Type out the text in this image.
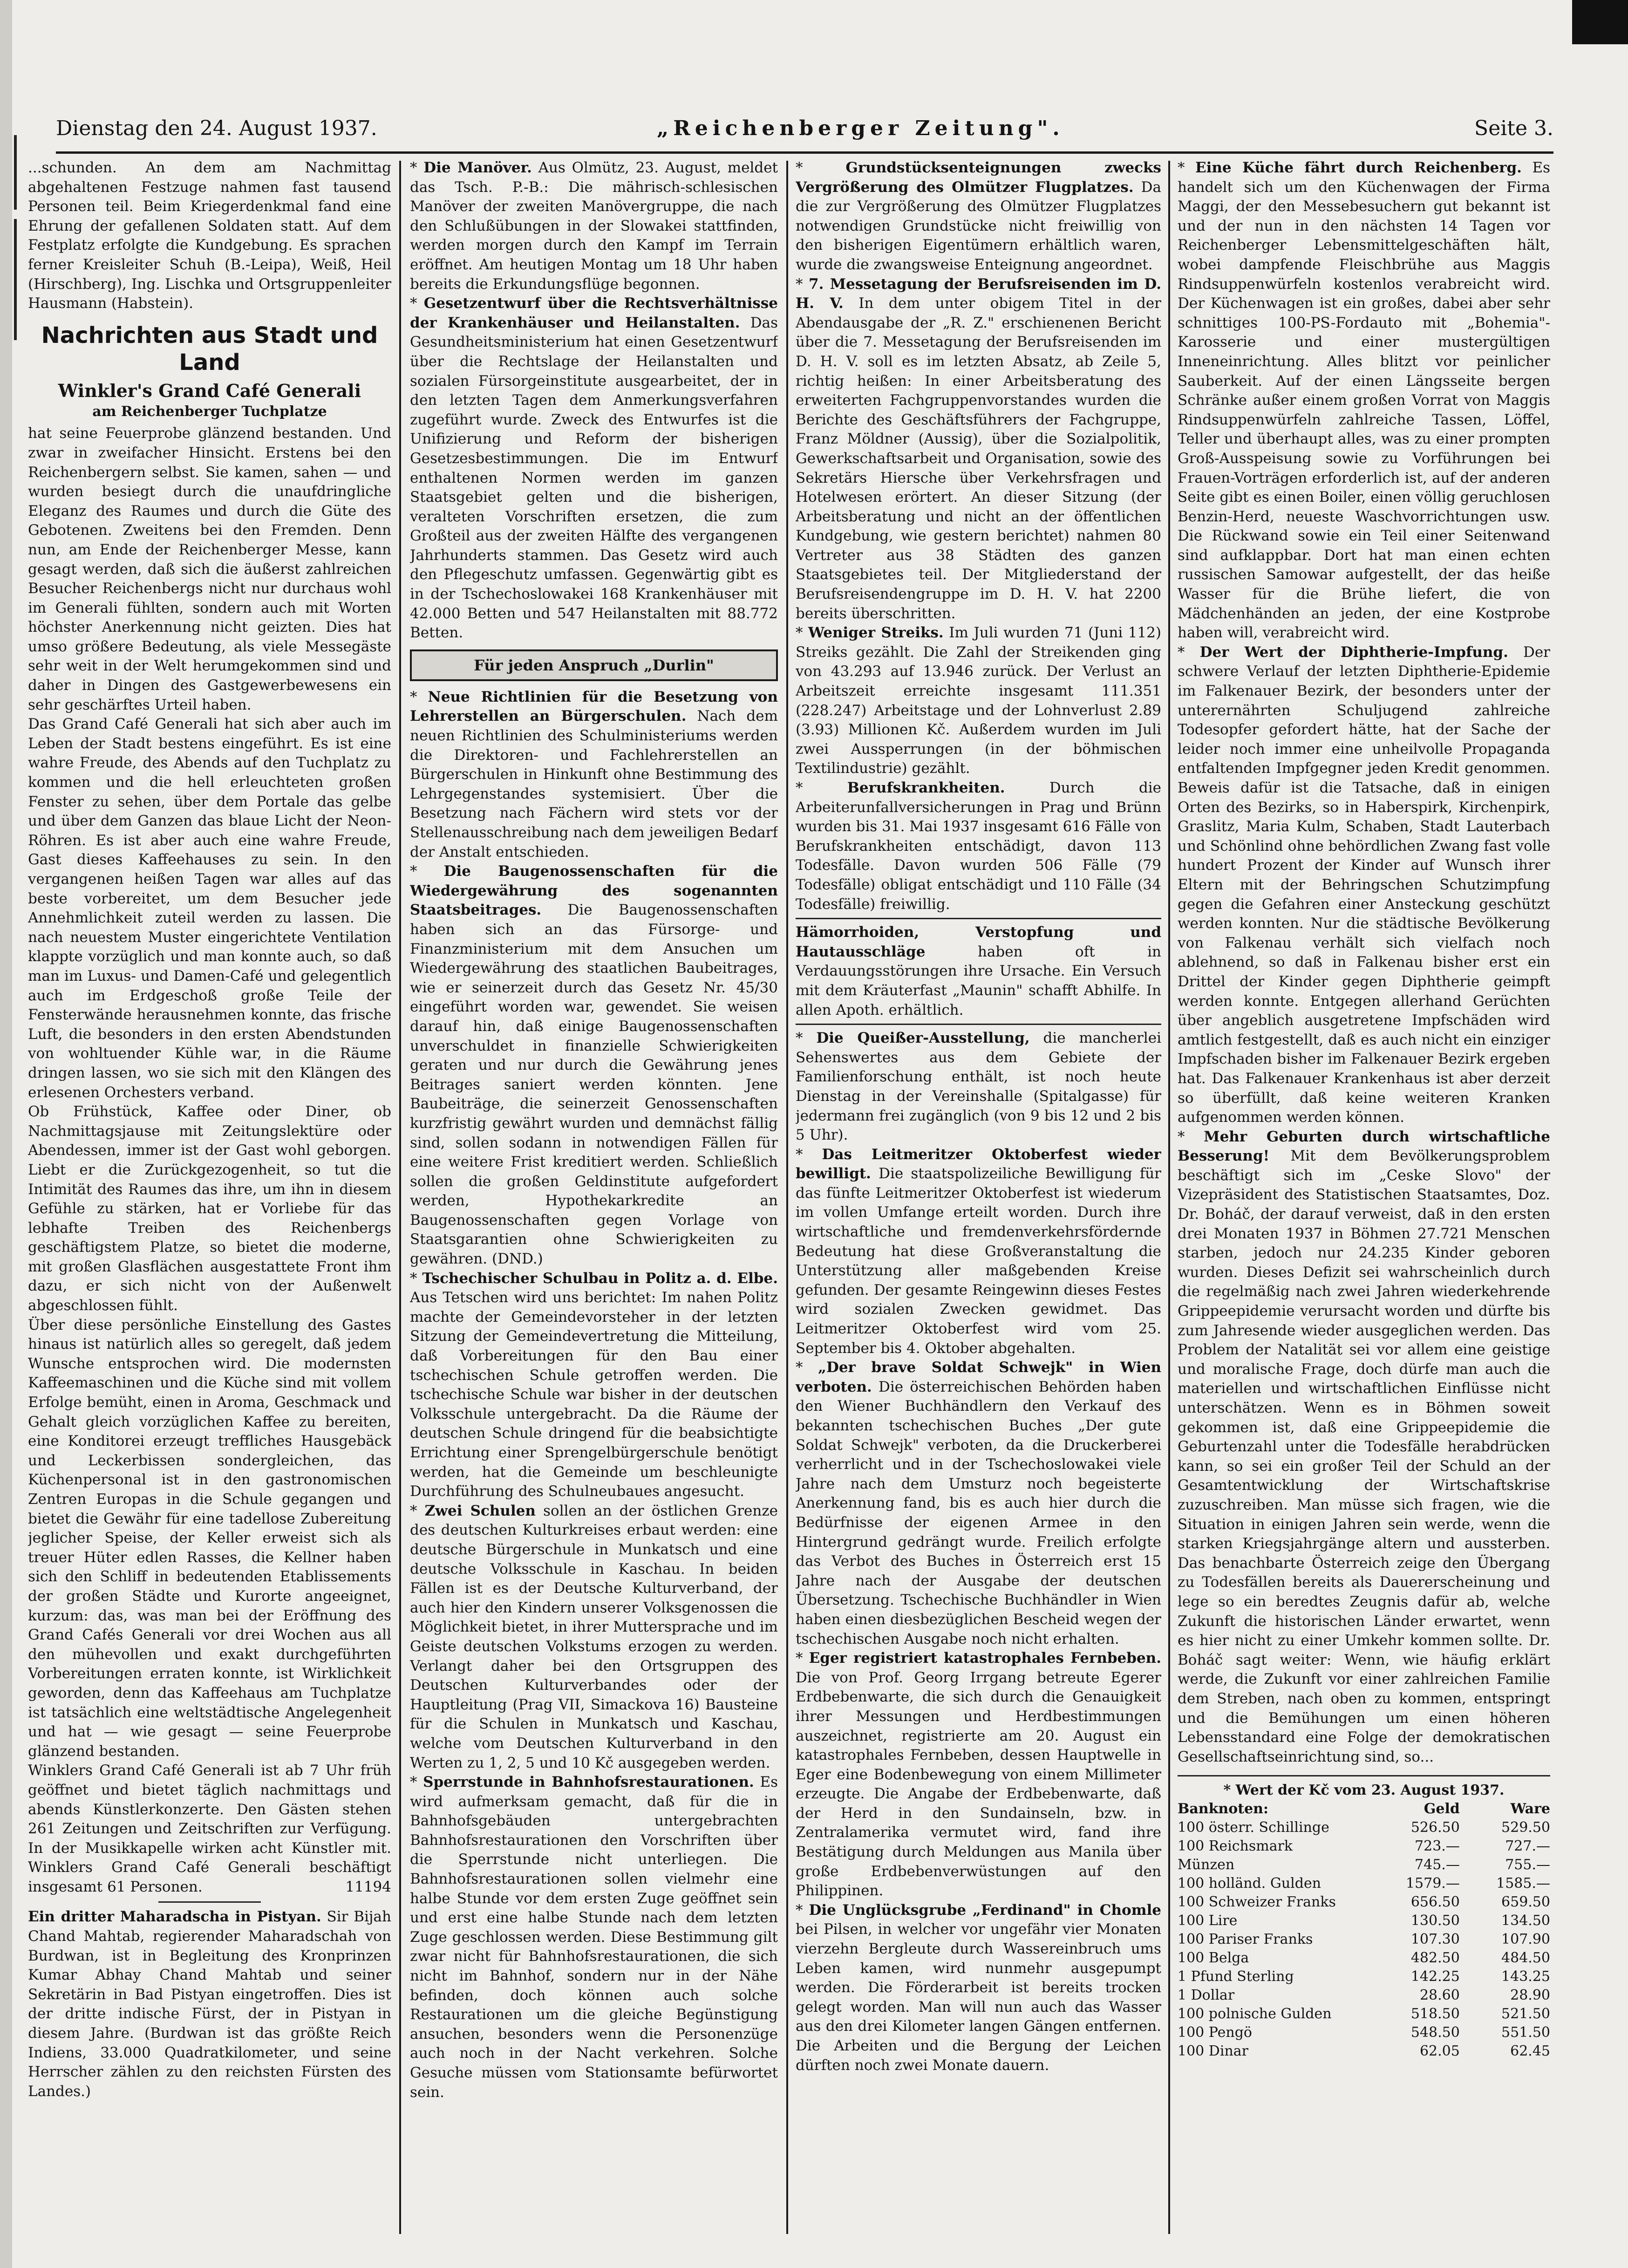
Dienstag den 24. August 1937.	„Reichenberger Zeitung".	Seite 3.

...schunden. An dem am Nachmittag abgehaltenen Festzuge nahmen fast tausend Personen teil. Beim Kriegerdenkmal fand eine Ehrung der gefallenen Soldaten statt. Auf dem Festplatz erfolgte die Kundgebung. Es sprachen ferner Kreisleiter Schuh (B.-Leipa), Weiß, Heil (Hirschberg), Ing. Lischka und Ortsgruppenleiter Hausmann (Habstein).

Nachrichten aus Stadt und Land
Winkler's Grand Café Generali
am Reichenberger Tuchplatze

hat seine Feuerprobe glänzend bestanden. Und zwar in zweifacher Hinsicht. Erstens bei den Reichenbergern selbst. Sie kamen, sahen — und wurden besiegt durch die unaufdringliche Eleganz des Raumes und durch die Güte des Gebotenen. Zweitens bei den Fremden. Denn nun, am Ende der Reichenberger Messe, kann gesagt werden, daß sich die äußerst zahlreichen Besucher Reichenbergs nicht nur durchaus wohl im Generali fühlten, sondern auch mit Worten höchster Anerkennung nicht geizten. Dies hat umso größere Bedeutung, als viele Messegäste sehr weit in der Welt herumgekommen sind und daher in Dingen des Gastgewerbewesens ein sehr geschärftes Urteil haben.

Das Grand Café Generali hat sich aber auch im Leben der Stadt bestens eingeführt. Es ist eine wahre Freude, des Abends auf den Tuchplatz zu kommen und die hell erleuchteten großen Fenster zu sehen, über dem Portale das gelbe und über dem Ganzen das blaue Licht der Neon-Röhren. Es ist aber auch eine wahre Freude, Gast dieses Kaffeehauses zu sein. In den vergangenen heißen Tagen war alles auf das beste vorbereitet, um dem Besucher jede Annehmlichkeit zuteil werden zu lassen. Die nach neuestem Muster eingerichtete Ventilation klappte vorzüglich und man konnte auch, so daß man im Luxus- und Damen-Café und gelegentlich auch im Erdgeschoß große Teile der Fensterwände herausnehmen konnte, das frische Luft, die besonders in den ersten Abendstunden von wohltuender Kühle war, in die Räume dringen lassen, wo sie sich mit den Klängen des erlesenen Orchesters verband.

Ob Frühstück, Kaffee oder Diner, ob Nachmittagsjause mit Zeitungslektüre oder Abendessen, immer ist der Gast wohl geborgen. Liebt er die Zurückgezogenheit, so tut die Intimität des Raumes das ihre, um ihn in diesem Gefühle zu stärken, hat er Vorliebe für das lebhafte Treiben des Reichenbergs geschäftigstem Platze, so bietet die moderne, mit großen Glasflächen ausgestattete Front ihm dazu, er sich nicht von der Außenwelt abgeschlossen fühlt.

Über diese persönliche Einstellung des Gastes hinaus ist natürlich alles so geregelt, daß jedem Wunsche entsprochen wird. Die modernsten Kaffeemaschinen und die Küche sind mit vollem Erfolge bemüht, einen in Aroma, Geschmack und Gehalt gleich vorzüglichen Kaffee zu bereiten, eine Konditorei erzeugt treffliches Hausgebäck und Leckerbissen sondergleichen, das Küchenpersonal ist in den gastronomischen Zentren Europas in die Schule gegangen und bietet die Gewähr für eine tadellose Zubereitung jeglicher Speise, der Keller erweist sich als treuer Hüter edlen Rasses, die Kellner haben sich den Schliff in bedeutenden Etablissements der großen Städte und Kurorte angeeignet, kurzum: das, was man bei der Eröffnung des Grand Cafés Generali vor drei Wochen aus all den mühevollen und exakt durchgeführten Vorbereitungen erraten konnte, ist Wirklichkeit geworden, denn das Kaffeehaus am Tuchplatze ist tatsächlich eine weltstädtische Angelegenheit und hat — wie gesagt — seine Feuerprobe glänzend bestanden.

Winklers Grand Café Generali ist ab 7 Uhr früh geöffnet und bietet täglich nachmittags und abends Künstlerkonzerte. Den Gästen stehen 261 Zeitungen und Zeitschriften zur Verfügung. In der Musikkapelle wirken acht Künstler mit. Winklers Grand Café Generali beschäftigt insgesamt 61 Personen.	11194

Ein dritter Maharadscha in Pistyan. Sir Bijah Chand Mahtab, regierender Maharadschah von Burdwan, ist in Begleitung des Kronprinzen Kumar Abhay Chand Mahtab und seiner Sekretärin in Bad Pistyan eingetroffen. Dies ist der dritte indische Fürst, der in Pistyan in diesem Jahre. (Burdwan ist das größte Reich Indiens, 33.000 Quadratkilometer, und seine Herrscher zählen zu den reichsten Fürsten des Landes.)

* Die Manöver. Aus Olmütz, 23. August, meldet das Tsch. P.-B.: Die mährisch-schlesischen Manöver der zweiten Manövergruppe, die nach den Schlußübungen in der Slowakei stattfinden, werden morgen durch den Kampf im Terrain eröffnet. Am heutigen Montag um 18 Uhr haben bereits die Erkundungsflüge begonnen.

* Gesetzentwurf über die Rechtsverhältnisse der Krankenhäuser und Heilanstalten. Das Gesundheitsministerium hat einen Gesetzentwurf über die Rechtslage der Heilanstalten und sozialen Fürsorgeinstitute ausgearbeitet, der in den letzten Tagen dem Anmerkungsverfahren zugeführt wurde. Zweck des Entwurfes ist die Unifizierung und Reform der bisherigen Gesetzesbestimmungen. Die im Entwurf enthaltenen Normen werden im ganzen Staatsgebiet gelten und die bisherigen, veralteten Vorschriften ersetzen, die zum Großteil aus der zweiten Hälfte des vergangenen Jahrhunderts stammen. Das Gesetz wird auch den Pflegeschutz umfassen. Gegenwärtig gibt es in der Tschechoslowakei 168 Krankenhäuser mit 42.000 Betten und 547 Heilanstalten mit 88.772 Betten.

Für jeden Anspruch „Durlin"

* Neue Richtlinien für die Besetzung von Lehrerstellen an Bürgerschulen. Nach dem neuen Richtlinien des Schulministeriums werden die Direktoren- und Fachlehrerstellen an Bürgerschulen in Hinkunft ohne Bestimmung des Lehrgegenstandes systemisiert. Über die Besetzung nach Fächern wird stets vor der Stellenausschreibung nach dem jeweiligen Bedarf der Anstalt entschieden.

* Die Baugenossenschaften für die Wiedergewährung des sogenannten Staatsbeitrages. Die Baugenossenschaften haben sich an das Fürsorge- und Finanzministerium mit dem Ansuchen um Wiedergewährung des staatlichen Baubeitrages, wie er seinerzeit durch das Gesetz Nr. 45/30 eingeführt worden war, gewendet. Sie weisen darauf hin, daß einige Baugenossenschaften unverschuldet in finanzielle Schwierigkeiten geraten und nur durch die Gewährung jenes Beitrages saniert werden könnten. Jene Baubeiträge, die seinerzeit Genossenschaften kurzfristig gewährt wurden und demnächst fällig sind, sollen sodann in notwendigen Fällen für eine weitere Frist kreditiert werden. Schließlich sollen die großen Geldinstitute aufgefordert werden, Hypothekarkredite an Baugenossenschaften gegen Vorlage von Staatsgarantien ohne Schwierigkeiten zu gewähren. (DND.)

* Tschechischer Schulbau in Politz a. d. Elbe. Aus Tetschen wird uns berichtet: Im nahen Politz machte der Gemeindevorsteher in der letzten Sitzung der Gemeindevertretung die Mitteilung, daß Vorbereitungen für den Bau einer tschechischen Schule getroffen werden. Die tschechische Schule war bisher in der deutschen Volksschule untergebracht. Da die Räume der deutschen Schule dringend für die beabsichtigte Errichtung einer Sprengelbürgerschule benötigt werden, hat die Gemeinde um beschleunigte Durchführung des Schulneubaues angesucht.

* Zwei Schulen sollen an der östlichen Grenze des deutschen Kulturkreises erbaut werden: eine deutsche Bürgerschule in Munkatsch und eine deutsche Volksschule in Kaschau. In beiden Fällen ist es der Deutsche Kulturverband, der auch hier den Kindern unserer Volksgenossen die Möglichkeit bietet, in ihrer Muttersprache und im Geiste deutschen Volkstums erzogen zu werden. Verlangt daher bei den Ortsgruppen des Deutschen Kulturverbandes oder der Hauptleitung (Prag VII, Simackova 16) Bausteine für die Schulen in Munkatsch und Kaschau, welche vom Deutschen Kulturverband in den Werten zu 1, 2, 5 und 10 Kč ausgegeben werden.

* Sperrstunde in Bahnhofsrestaurationen. Es wird aufmerksam gemacht, daß für die in Bahnhofsgebäuden untergebrachten Bahnhofsrestaurationen den Vorschriften über die Sperrstunde nicht unterliegen. Die Bahnhofsrestaurationen sollen vielmehr eine halbe Stunde vor dem ersten Zuge geöffnet sein und erst eine halbe Stunde nach dem letzten Zuge geschlossen werden. Diese Bestimmung gilt zwar nicht für Bahnhofsrestaurationen, die sich nicht im Bahnhof, sondern nur in der Nähe befinden, doch können auch solche Restaurationen um die gleiche Begünstigung ansuchen, besonders wenn die Personenzüge auch noch in der Nacht verkehren. Solche Gesuche müssen vom Stationsamte befürwortet sein.

* Grundstücksenteignungen zwecks Vergrößerung des Olmützer Flugplatzes. Da die zur Vergrößerung des Olmützer Flugplatzes notwendigen Grundstücke nicht freiwillig von den bisherigen Eigentümern erhältlich waren, wurde die zwangsweise Enteignung angeordnet.

* 7. Messetagung der Berufsreisenden im D. H. V. In dem unter obigem Titel in der Abendausgabe der „R. Z." erschienenen Bericht über die 7. Messetagung der Berufsreisenden im D. H. V. soll es im letzten Absatz, ab Zeile 5, richtig heißen: In einer Arbeitsberatung des erweiterten Fachgruppenvorstandes wurden die Berichte des Geschäftsführers der Fachgruppe, Franz Möldner (Aussig), über die Sozialpolitik, Gewerkschaftsarbeit und Organisation, sowie des Sekretärs Hiersche über Verkehrsfragen und Hotelwesen erörtert. An dieser Sitzung (der Arbeitsberatung und nicht an der öffentlichen Kundgebung, wie gestern berichtet) nahmen 80 Vertreter aus 38 Städten des ganzen Staatsgebietes teil. Der Mitgliederstand der Berufsreisendengruppe im D. H. V. hat 2200 bereits überschritten.

* Weniger Streiks. Im Juli wurden 71 (Juni 112) Streiks gezählt. Die Zahl der Streikenden ging von 43.293 auf 13.946 zurück. Der Verlust an Arbeitszeit erreichte insgesamt 111.351 (228.247) Arbeitstage und der Lohnverlust 2.89 (3.93) Millionen Kč. Außerdem wurden im Juli zwei Aussperrungen (in der böhmischen Textilindustrie) gezählt.

* Berufskrankheiten.	Durch die Arbeiterunfallversicherungen in Prag und Brünn wurden bis 31. Mai 1937 insgesamt 616 Fälle von Berufskrankheiten entschädigt, davon 113 Todesfälle. Davon wurden 506 Fälle (79 Todesfälle) obligat entschädigt und 110 Fälle (34 Todesfälle) freiwillig.

Hämorrhoiden, Verstopfung und Hautausschläge	haben oft in Verdauungsstörungen ihre Ursache. Ein Versuch mit dem Kräuterfast „Maunin" schafft Abhilfe. In allen Apoth. erhältlich.

* Die Queißer-Ausstellung, die mancherlei Sehenswertes aus dem Gebiete der Familienforschung enthält, ist noch heute Dienstag in der Vereinshalle (Spitalgasse) für jedermann frei zugänglich (von 9 bis 12 und 2 bis 5 Uhr).

* Das Leitmeritzer Oktoberfest wieder bewilligt. Die staatspolizeiliche Bewilligung für das fünfte Leitmeritzer Oktoberfest ist wiederum im vollen Umfange erteilt worden. Durch ihre wirtschaftliche und fremdenverkehrsfördernde Bedeutung hat diese Großveranstaltung die Unterstützung aller maßgebenden Kreise gefunden. Der gesamte Reingewinn dieses Festes wird sozialen Zwecken gewidmet. Das Leitmeritzer Oktoberfest wird vom 25. September bis 4. Oktober abgehalten.

* „Der brave Soldat Schwejk" in Wien verboten. Die österreichischen Behörden haben den Wiener Buchhändlern den Verkauf des bekannten tschechischen Buches „Der gute Soldat Schwejk" verboten, da die Druckerberei verherrlicht und in der Tschechoslowakei viele Jahre nach dem Umsturz noch begeisterte Anerkennung fand, bis es auch hier durch die Bedürfnisse der eigenen Armee in den Hintergrund gedrängt wurde. Freilich erfolgte das Verbot des Buches in Österreich erst 15 Jahre nach der Ausgabe der deutschen Übersetzung. Tschechische Buchhändler in Wien haben einen diesbezüglichen Bescheid wegen der tschechischen Ausgabe noch nicht erhalten.

* Eger registriert katastrophales Fernbeben. Die von Prof. Georg Irrgang betreute Egerer Erdbebenwarte, die sich durch die Genauigkeit ihrer Messungen und Herdbestimmungen auszeichnet, registrierte am 20. August ein katastrophales Fernbeben, dessen Hauptwelle in Eger eine Bodenbewegung von einem Millimeter erzeugte. Die Angabe der Erdbebenwarte, daß der Herd in den Sundainseln, bzw. in Zentralamerika vermutet wird, fand ihre Bestätigung durch Meldungen aus Manila über große Erdbebenverwüstungen auf den Philippinen.

* Die Unglücksgrube „Ferdinand" in Chomle bei Pilsen, in welcher vor ungefähr vier Monaten vierzehn Bergleute durch Wassereinbruch ums Leben kamen, wird nunmehr ausgepumpt werden. Die Förderarbeit ist bereits trocken gelegt worden. Man will nun auch das Wasser aus den drei Kilometer langen Gängen entfernen. Die Arbeiten und die Bergung der Leichen dürften noch zwei Monate dauern.

* Eine Küche fährt durch Reichenberg. Es handelt sich um den Küchenwagen der Firma Maggi, der den Messebesuchern gut bekannt ist und der nun in den nächsten 14 Tagen vor Reichenberger Lebensmittelgeschäften hält, wobei dampfende Fleischbrühe aus Maggis Rindsuppenwürfeln kostenlos verabreicht wird. Der Küchenwagen ist ein großes, dabei aber sehr schnittiges 100-PS-Fordauto mit „Bohemia"-Karosserie und einer mustergültigen Inneneinrichtung. Alles blitzt vor peinlicher Sauberkeit. Auf der einen Längsseite bergen Schränke außer einem großen Vorrat von Maggis Rindsuppenwürfeln zahlreiche Tassen, Löffel, Teller und überhaupt alles, was zu einer prompten Groß-Ausspeisung sowie zu Vorführungen bei Frauen-Vorträgen erforderlich ist, auf der anderen Seite gibt es einen Boiler, einen völlig geruchlosen Benzin-Herd, neueste Waschvorrichtungen usw. Die Rückwand sowie ein Teil einer Seitenwand sind aufklappbar. Dort hat man einen echten russischen Samowar aufgestellt, der das heiße Wasser für die Brühe liefert, die von Mädchenhänden an jeden, der eine Kostprobe haben will, verabreicht wird.

* Der Wert der Diphtherie-Impfung. Der schwere Verlauf der letzten Diphtherie-Epidemie im Falkenauer Bezirk, der besonders unter der unterernährten Schuljugend zahlreiche Todesopfer gefordert hätte, hat der Sache der leider noch immer eine unheilvolle Propaganda entfaltenden Impfgegner jeden Kredit genommen. Beweis dafür ist die Tatsache, daß in einigen Orten des Bezirks, so in Haberspirk, Kirchenpirk, Graslitz, Maria Kulm, Schaben, Stadt Lauterbach und Schönlind ohne behördlichen Zwang fast volle hundert Prozent der Kinder auf Wunsch ihrer Eltern mit der Behringschen Schutzimpfung gegen die Gefahren einer Ansteckung geschützt werden konnten. Nur die städtische Bevölkerung von Falkenau verhält sich vielfach noch ablehnend, so daß in Falkenau bisher erst ein Drittel der Kinder gegen Diphtherie geimpft werden konnte. Entgegen allerhand Gerüchten über angeblich ausgetretene Impfschäden wird amtlich festgestellt, daß es auch nicht ein einziger Impfschaden bisher im Falkenauer Bezirk ergeben hat. Das Falkenauer Krankenhaus ist aber derzeit so überfüllt, daß keine weiteren Kranken aufgenommen werden können.

* Mehr Geburten durch wirtschaftliche Besserung! Mit dem Bevölkerungsproblem beschäftigt sich im „Ceske Slovo" der Vizepräsident des Statistischen Staatsamtes, Doz. Dr. Boháč, der darauf verweist, daß in den ersten drei Monaten 1937 in Böhmen 27.721 Menschen starben, jedoch nur 24.235 Kinder geboren wurden. Dieses Defizit sei wahrscheinlich durch die regelmäßig nach zwei Jahren wiederkehrende Grippeepidemie verursacht worden und dürfte bis zum Jahresende wieder ausgeglichen werden. Das Problem der Natalität sei vor allem eine geistige und moralische Frage, doch dürfe man auch die materiellen und wirtschaftlichen Einflüsse nicht unterschätzen. Wenn es in Böhmen soweit gekommen ist, daß eine Grippeepidemie die Geburtenzahl unter die Todesfälle herabdrücken kann, so sei ein großer Teil der Schuld an der Gesamtentwicklung der Wirtschaftskrise zuzuschreiben. Man müsse sich fragen, wie die Situation in einigen Jahren sein werde, wenn die starken Kriegsjahrgänge altern und aussterben. Das benachbarte Österreich zeige den Übergang zu Todesfällen bereits als Dauererscheinung und lege so ein beredtes Zeugnis dafür ab, welche Zukunft die historischen Länder erwartet, wenn es hier nicht zu einer Umkehr kommen sollte. Dr. Boháč sagt weiter: Wenn, wie häufig erklärt werde, die Zukunft vor einer zahlreichen Familie dem Streben, nach oben zu kommen, entspringt und die Bemühungen um einen höheren Lebensstandard eine Folge der demokratischen Gesellschaftseinrichtung sind, so...

* Wert der Kč vom 23. August 1937.
Banknoten:	Geld	Ware
100 österr. Schillinge	526.50	529.50
100 Reichsmark	723.—	727.—
Münzen	745.—	755.—
100 holländ. Gulden	1579.—	1585.—
100 Schweizer Franks	656.50	659.50
100 Lire	130.50	134.50
100 Pariser Franks	107.30	107.90
100 Belga	482.50	484.50
1 Pfund Sterling	142.25	143.25
1 Dollar	28.60	28.90
100 polnische Gulden	518.50	521.50
100 Pengö	548.50	551.50
100 Dinar	62.05	62.45
